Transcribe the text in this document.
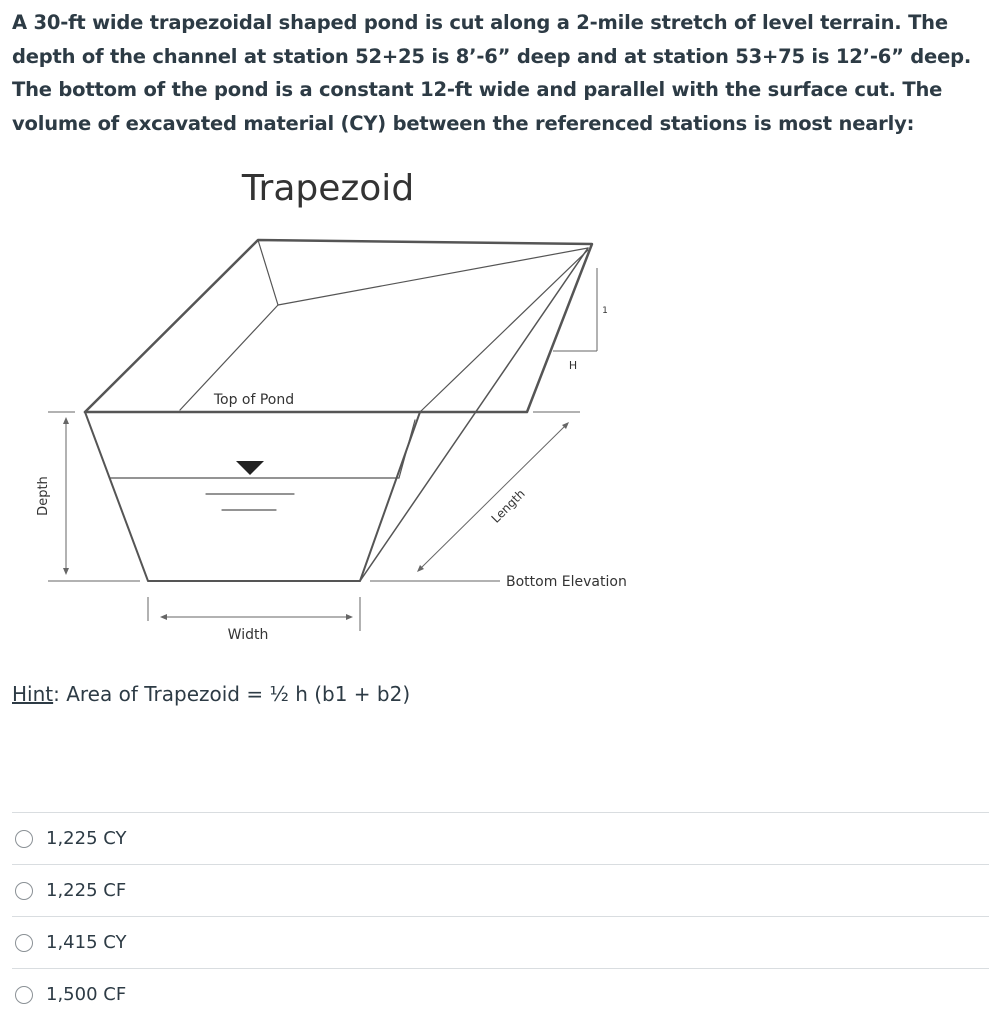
A 30-ft wide trapezoidal shaped pond is cut along a 2-mile stretch of level terrain. The depth of the channel at station 52+25 is 8’-6” deep and at station 53+75 is 12’-6” deep. The bottom of the pond is a constant 12-ft wide and parallel with the surface cut. The volume of excavated material (CY) between the referenced stations is most nearly:

Trapezoid
Top of Pond
Depth
Width
Length
Bottom Elevation
H
1
Hint: Area of Trapezoid = ½ h (b1 + b2)
1,225 CY
1,225 CF
1,415 CY
1,500 CF
